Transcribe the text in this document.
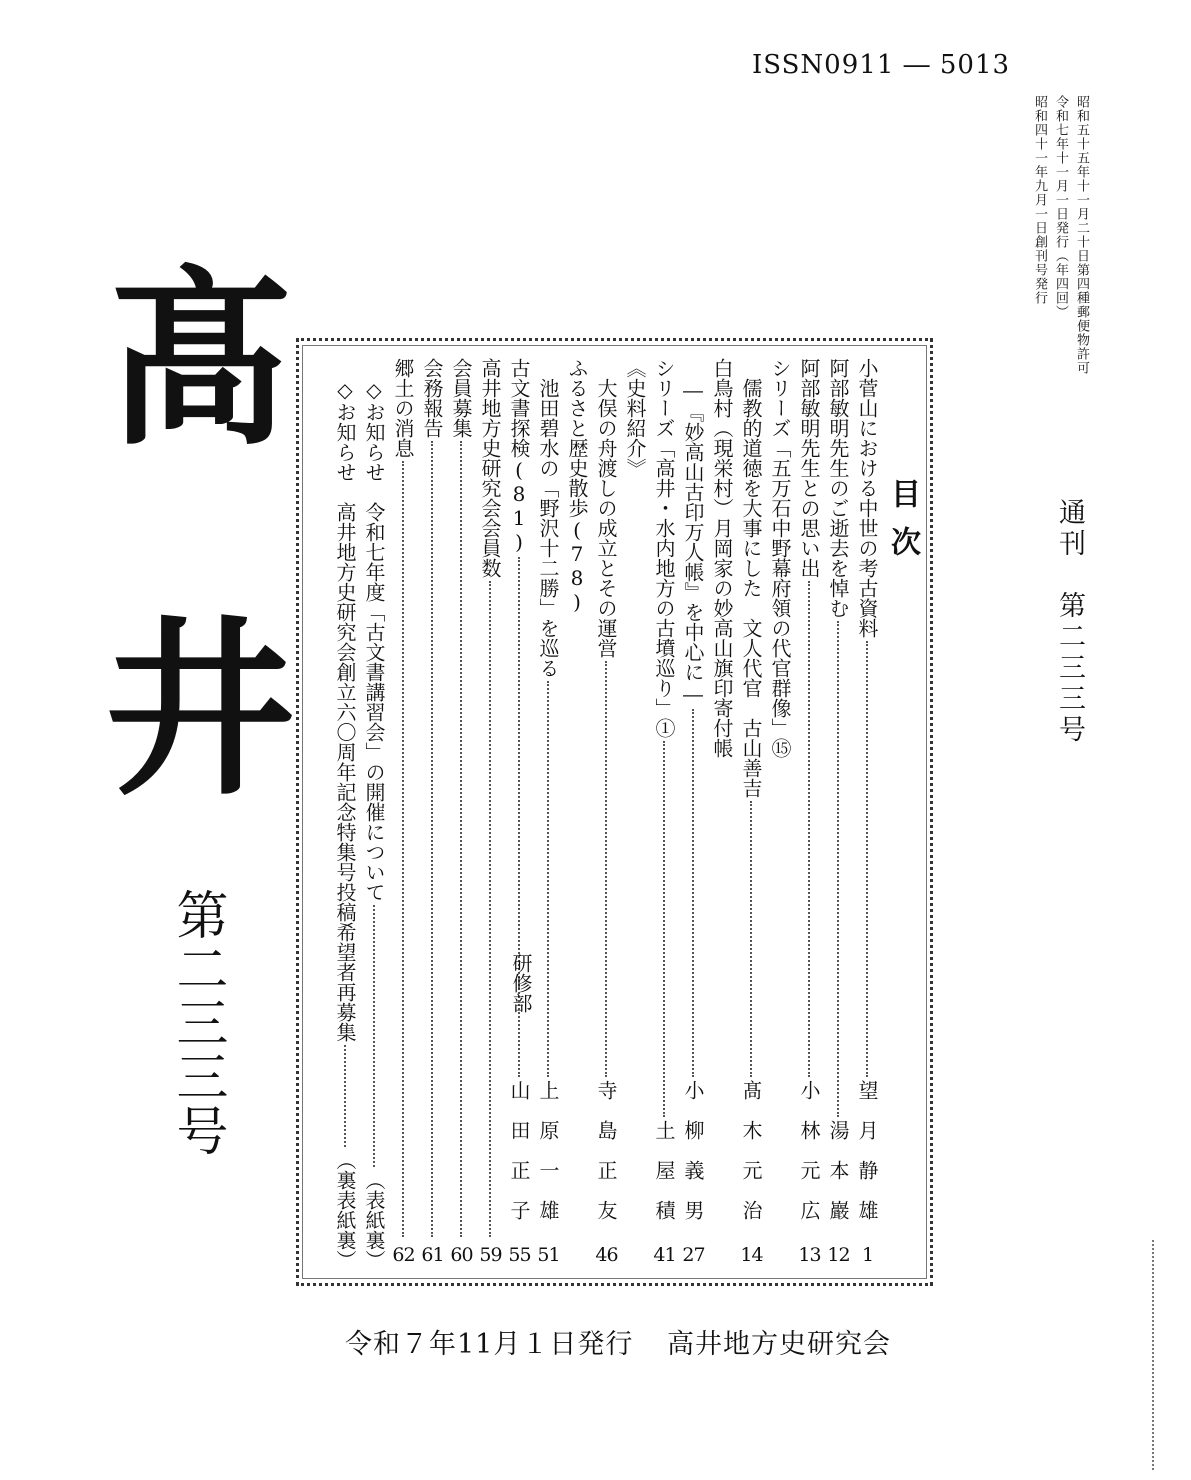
ISSN0911 ― 5013
昭和五十五年十一月二十日第四種郵便物許可
令和七年十一月一日発行（年四回）
昭和四十一年九月一日創刊号発行
通刊　第二三三号
髙
井
第二三三号
目次
小菅山における中世の考古資料
望月静雄
1
阿部敏明先生のご逝去を悼む
湯本巖
12
阿部敏明先生との思い出
小林元広
13
シリーズ「五万石中野幕府領の代官群像」⑮
　儒教的道徳を大事にした　文人代官　古山善吉
髙木元治
14
白鳥村（現栄村）月岡家の妙高山旗印寄付帳
　―『妙高山古印万人帳』を中心に―
小柳義男
27
シリーズ「高井・水内地方の古墳巡り」①
土屋積
41
《史料紹介》
　大俣の舟渡しの成立とその運営
寺島正友
46
ふるさと歴史散歩(78)
　池田碧水の「野沢十二勝」を巡る
上原一雄
51
古文書探検(81)
研修部
山田正子
55
高井地方史研究会会員数
59
会員募集
60
会務報告
61
郷土の消息
62
　◇お知らせ　令和七年度「古文書講習会」の開催について
（表紙裏）
　◇お知らせ　高井地方史研究会創立六〇周年記念特集号投稿希望者再募集
（裏表紙裏）
令和７年11月１日発行 高井地方史研究会
